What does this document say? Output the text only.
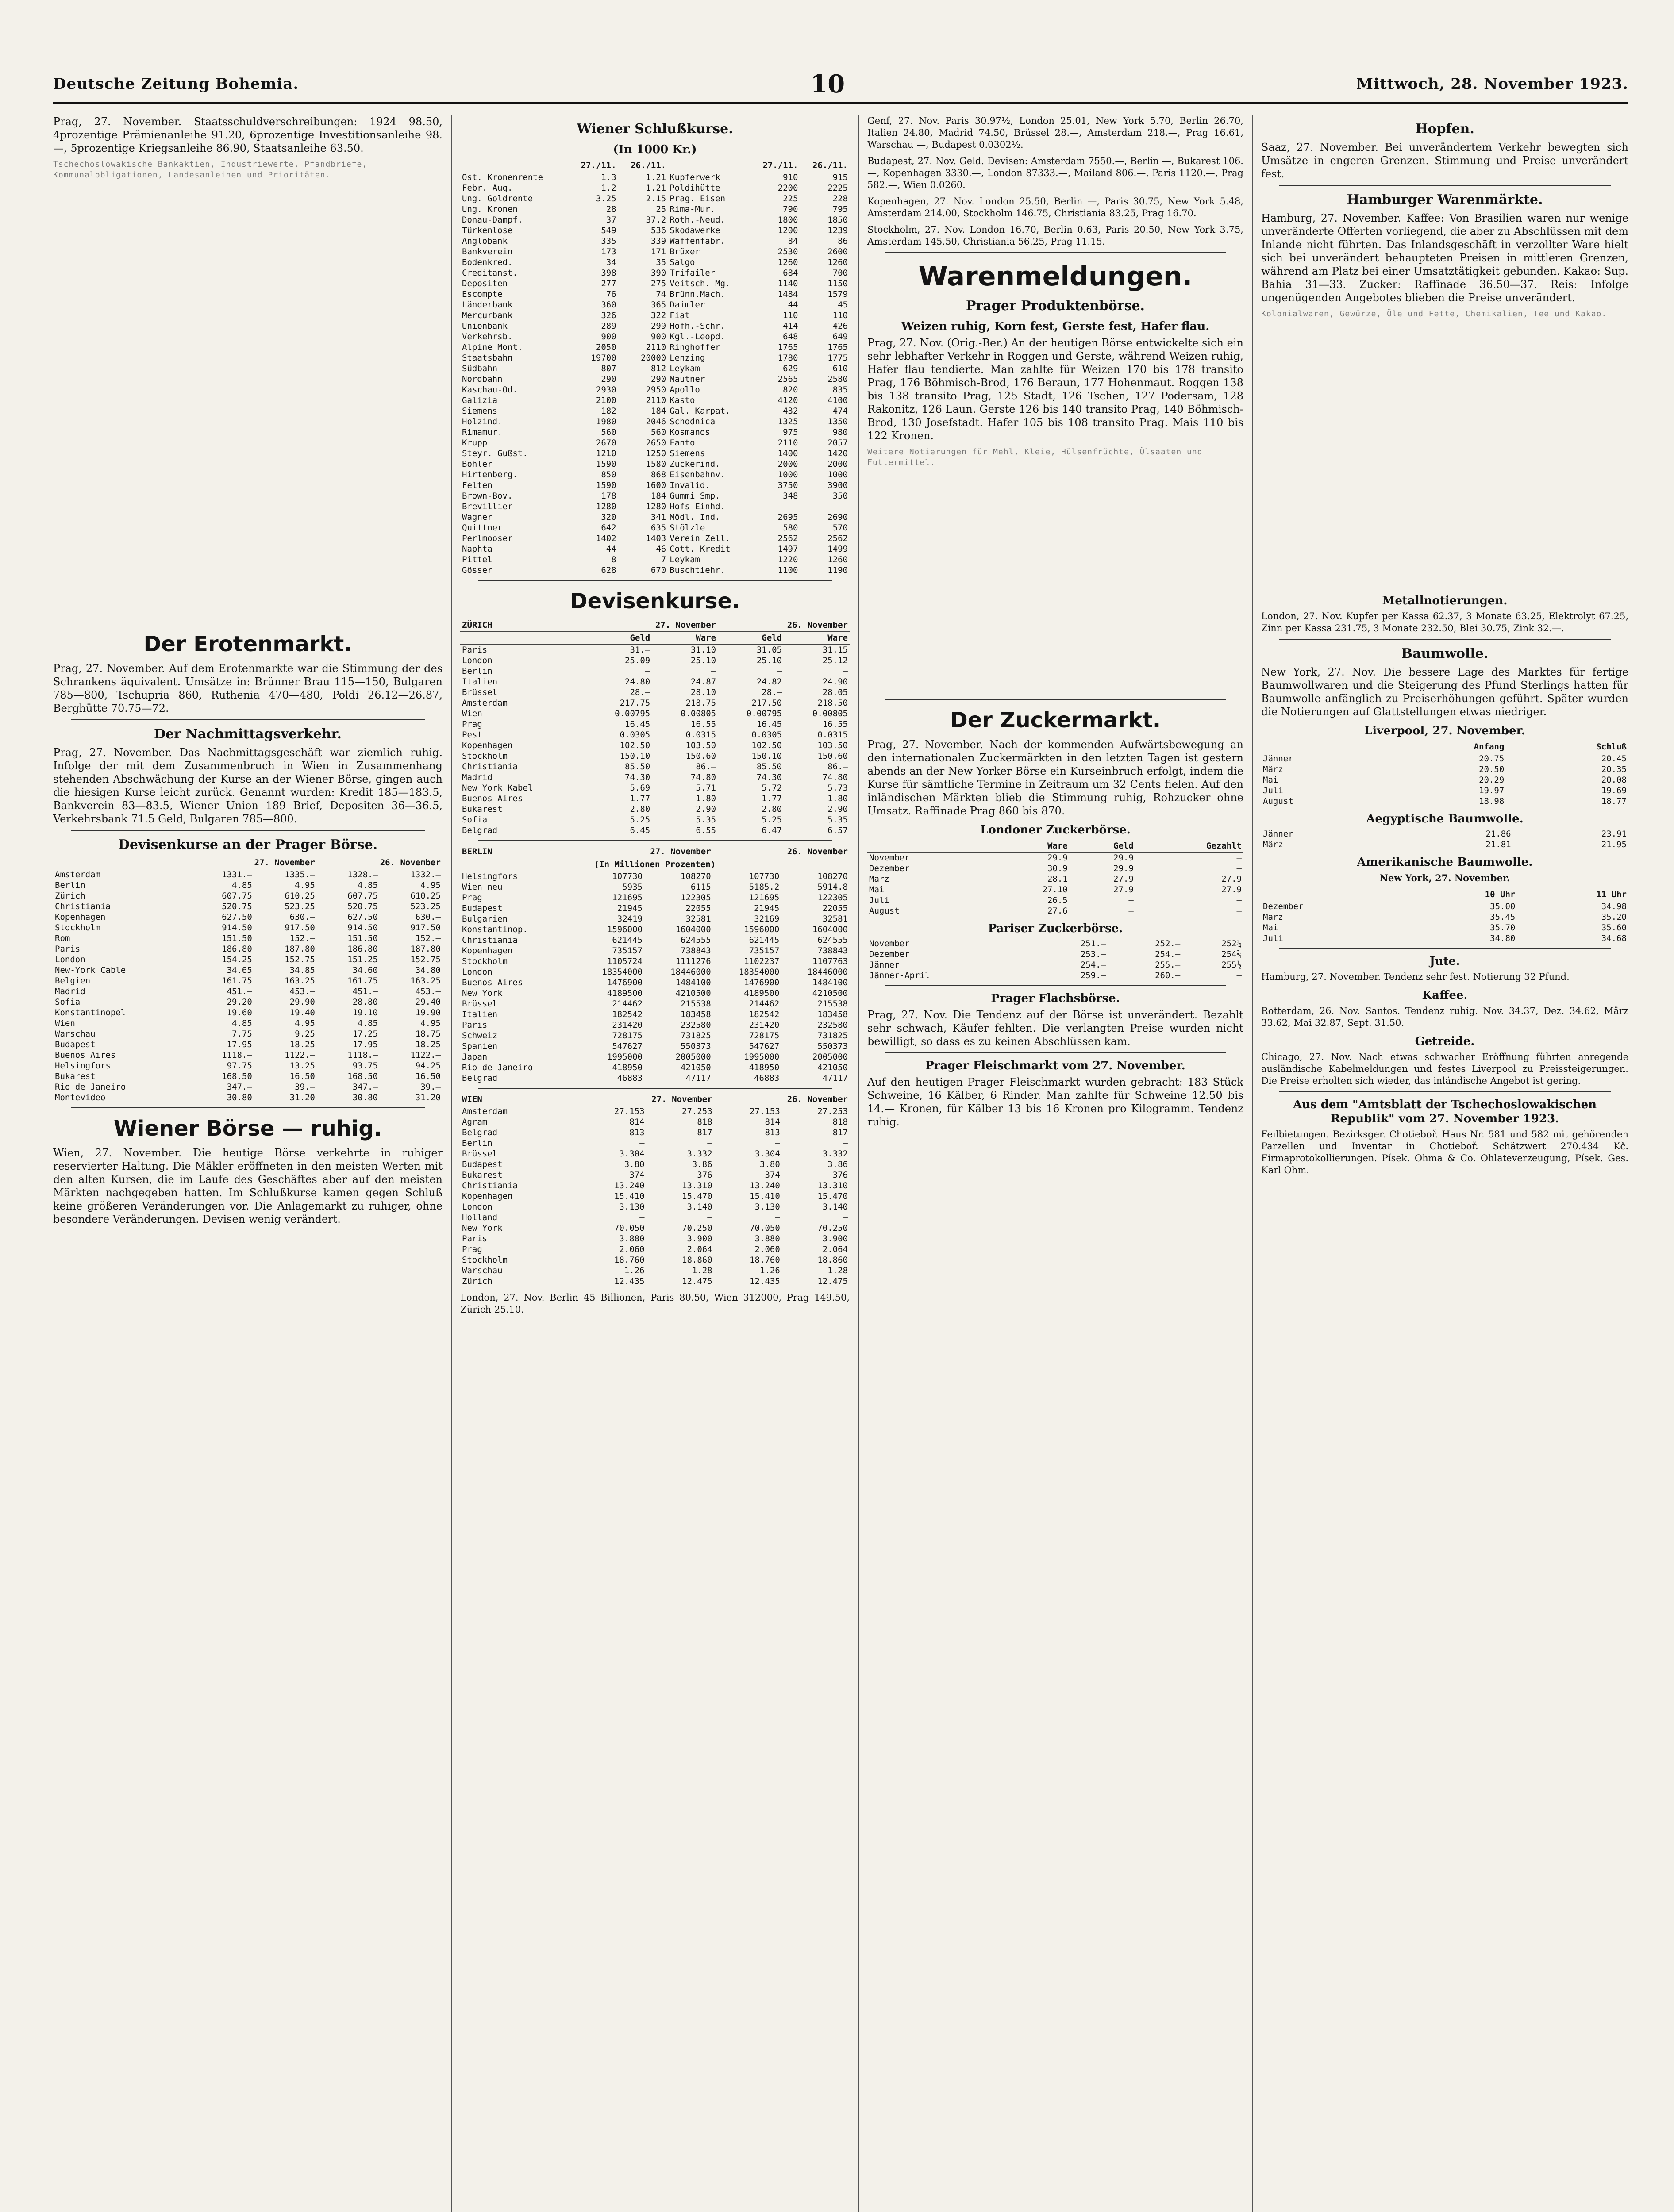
Deutsche Zeitung Bohemia.	10	Mittwoch, 28. November 1923.

Prag, 27. November. Staatsschuldverschreibungen: 1924 98.50, 4prozentige Prämienanleihe 91.20, 6prozentige Investitionsanleihe 98.—, 5prozentige Kriegsanleihe 86.90, Staatsanleihe 63.50.

Tschechoslowakische Bankaktien, Industriewerte, Pfandbriefe, Kommunalobligationen, Landesanleihen und Prioritäten.
Der Erotenmarkt.

Prag, 27. November. Auf dem Erotenmarkte war die Stimmung der des Schrankens äquivalent. Umsätze in: Brünner Brau 115—150, Bulgaren 785—800, Tschupria 860, Ruthenia 470—480, Poldi 26.12—26.87, Berghütte 70.75—72.

Der Nachmittagsverkehr.

Prag, 27. November. Das Nachmittagsgeschäft war ziemlich ruhig. Infolge der mit dem Zusammenbruch in Wien in Zusammenhang stehenden Abschwächung der Kurse an der Wiener Börse, gingen auch die hiesigen Kurse leicht zurück. Genannt wurden: Kredit 185—183.5, Bankverein 83—83.5, Wiener Union 189 Brief, Depositen 36—36.5, Verkehrsbank 71.5 Geld, Bulgaren 785—800.

Devisenkurse an der Prager Börse.
	27. November		26. November	
Amsterdam	1331.—	1335.—	1328.—	1332.—
Berlin	4.85	4.95	4.85	4.95
Zürich	607.75	610.25	607.75	610.25
Christiania	520.75	523.25	520.75	523.25
Kopenhagen	627.50	630.—	627.50	630.—
Stockholm	914.50	917.50	914.50	917.50
Rom	151.50	152.—	151.50	152.—
Paris	186.80	187.80	186.80	187.80
London	154.25	152.75	151.25	152.75
New-York Cable	34.65	34.85	34.60	34.80
Belgien	161.75	163.25	161.75	163.25
Madrid	451.—	453.—	451.—	453.—
Sofia	29.20	29.90	28.80	29.40
Konstantinopel	19.60	19.40	19.10	19.90
Wien	4.85	4.95	4.85	4.95
Warschau	7.75	9.25	17.25	18.75
Budapest	17.95	18.25	17.95	18.25
Buenos Aires	1118.—	1122.—	1118.—	1122.—
Helsingfors	97.75	13.25	93.75	94.25
Bukarest	168.50	16.50	168.50	16.50
Rio de Janeiro	347.—	39.—	347.—	39.—
Montevideo	30.80	31.20	30.80	31.20
Wiener Börse — ruhig.

Wien, 27. November. Die heutige Börse verkehrte in ruhiger reservierter Haltung. Die Mäkler eröffneten in den meisten Werten mit den alten Kursen, die im Laufe des Geschäftes aber auf den meisten Märkten nachgegeben hatten. Im Schlußkurse kamen gegen Schluß keine größeren Veränderungen vor. Die Anlagemarkt zu ruhiger, ohne besondere Veränderungen. Devisen wenig verändert.

Wiener Schlußkurse.
(In 1000 Kr.)
	27./11.	26./11.		27./11.	26./11.
Ost. Kronenrente	1.3	1.21	Kupferwerk	910	915
Febr. Aug.	1.2	1.21	Poldihütte	2200	2225
Ung. Goldrente	3.25	2.15	Prag. Eisen	225	228
Ung. Kronen	28	25	Rima-Mur.	790	795
Donau-Dampf.	37	37.2	Roth.-Neud.	1800	1850
Türkenlose	549	536	Skodawerke	1200	1239
Anglobank	335	339	Waffenfabr.	84	86
Bankverein	173	171	Brüxer	2530	2600
Bodenkred.	34	35	Salgo	1260	1260
Creditanst.	398	390	Trifailer	684	700
Depositen	277	275	Veitsch. Mg.	1140	1150
Escompte	76	74	Brünn.Mach.	1484	1579
Länderbank	360	365	Daimler	44	45
Mercurbank	326	322	Fiat	110	110
Unionbank	289	299	Hofh.-Schr.	414	426
Verkehrsb.	900	900	Kgl.-Leopd.	648	649
Alpine Mont.	2050	2110	Ringhoffer	1765	1765
Staatsbahn	19700	20000	Lenzing	1780	1775
Südbahn	807	812	Leykam	629	610
Nordbahn	290	290	Mautner	2565	2580
Kaschau-Od.	2930	2950	Apollo	820	835
Galizia	2100	2110	Kasto	4120	4100
Siemens	182	184	Gal. Karpat.	432	474
Holzind.	1980	2046	Schodnica	1325	1350
Rimamur.	560	560	Kosmanos	975	980
Krupp	2670	2650	Fanto	2110	2057
Steyr. Gußst.	1210	1250	Siemens	1400	1420
Böhler	1590	1580	Zuckerind.	2000	2000
Hirtenberg.	850	868	Eisenbahnv.	1000	1000
Felten	1590	1600	Invalid.	3750	3900
Brown-Bov.	178	184	Gummi Smp.	348	350
Brevillier	1280	1280	Hofs Einhd.	—	—
Wagner	320	341	Mödl. Ind.	2695	2690
Quittner	642	635	Stölzle	580	570
Perlmooser	1402	1403	Verein Zell.	2562	2562
Naphta	44	46	Cott. Kredit	1497	1499
Pittel	8	7	Leykam	1220	1260
Gösser	628	670	Buschtiehr.	1100	1190
Devisenkurse.
ZÜRICH	27. November		26. November	
	Geld	Ware	Geld	Ware
Paris	31.—	31.10	31.05	31.15
London	25.09	25.10	25.10	25.12
Berlin	—	—	—	—
Italien	24.80	24.87	24.82	24.90
Brüssel	28.—	28.10	28.—	28.05
Amsterdam	217.75	218.75	217.50	218.50
Wien	0.00795	0.00805	0.00795	0.00805
Prag	16.45	16.55	16.45	16.55
Pest	0.0305	0.0315	0.0305	0.0315
Kopenhagen	102.50	103.50	102.50	103.50
Stockholm	150.10	150.60	150.10	150.60
Christiania	85.50	86.—	85.50	86.—
Madrid	74.30	74.80	74.30	74.80
New York Kabel	5.69	5.71	5.72	5.73
Buenos Aires	1.77	1.80	1.77	1.80
Bukarest	2.80	2.90	2.80	2.90
Sofia	5.25	5.35	5.25	5.35
Belgrad	6.45	6.55	6.47	6.57
BERLIN	27. November		26. November	
(In Millionen Prozenten)				
Helsingfors	107730	108270	107730	108270
Wien neu	5935	6115	5185.2	5914.8
Prag	121695	122305	121695	122305
Budapest	21945	22055	21945	22055
Bulgarien	32419	32581	32169	32581
Konstantinop.	1596000	1604000	1596000	1604000
Christiania	621445	624555	621445	624555
Kopenhagen	735157	738843	735157	738843
Stockholm	1105724	1111276	1102237	1107763
London	18354000	18446000	18354000	18446000
Buenos Aires	1476900	1484100	1476900	1484100
New York	4189500	4210500	4189500	4210500
Brüssel	214462	215538	214462	215538
Italien	182542	183458	182542	183458
Paris	231420	232580	231420	232580
Schweiz	728175	731825	728175	731825
Spanien	547627	550373	547627	550373
Japan	1995000	2005000	1995000	2005000
Rio de Janeiro	418950	421050	418950	421050
Belgrad	46883	47117	46883	47117
WIEN	27. November		26. November	
Amsterdam	27.153	27.253	27.153	27.253
Agram	814	818	814	818
Belgrad	813	817	813	817
Berlin	—	—	—	—
Brüssel	3.304	3.332	3.304	3.332
Budapest	3.80	3.86	3.80	3.86
Bukarest	374	376	374	376
Christiania	13.240	13.310	13.240	13.310
Kopenhagen	15.410	15.470	15.410	15.470
London	3.130	3.140	3.130	3.140
Holland	—	—	—	—
New York	70.050	70.250	70.050	70.250
Paris	3.880	3.900	3.880	3.900
Prag	2.060	2.064	2.060	2.064
Stockholm	18.760	18.860	18.760	18.860
Warschau	1.26	1.28	1.26	1.28
Zürich	12.435	12.475	12.435	12.475

London, 27. Nov. Berlin 45 Billionen, Paris 80.50, Wien 312000, Prag 149.50, Zürich 25.10.

Genf, 27. Nov. Paris 30.97½, London 25.01, New York 5.70, Berlin 26.70, Italien 24.80, Madrid 74.50, Brüssel 28.—, Amsterdam 218.—, Prag 16.61, Warschau —, Budapest 0.0302½.

Budapest, 27. Nov. Geld. Devisen: Amsterdam 7550.—, Berlin —, Bukarest 106.—, Kopenhagen 3330.—, London 87333.—, Mailand 806.—, Paris 1120.—, Prag 582.—, Wien 0.0260.

Kopenhagen, 27. Nov. London 25.50, Berlin —, Paris 30.75, New York 5.48, Amsterdam 214.00, Stockholm 146.75, Christiania 83.25, Prag 16.70.

Stockholm, 27. Nov. London 16.70, Berlin 0.63, Paris 20.50, New York 3.75, Amsterdam 145.50, Christiania 56.25, Prag 11.15.

Warenmeldungen.
Prager Produktenbörse.
Weizen ruhig, Korn fest, Gerste fest, Hafer flau.

Prag, 27. Nov. (Orig.-Ber.) An der heutigen Börse entwickelte sich ein sehr lebhafter Verkehr in Roggen und Gerste, während Weizen ruhig, Hafer flau tendierte. Man zahlte für Weizen 170 bis 178 transito Prag, 176 Böhmisch-Brod, 176 Beraun, 177 Hohenmaut. Roggen 138 bis 138 transito Prag, 125 Stadt, 126 Tschen, 127 Podersam, 128 Rakonitz, 126 Laun. Gerste 126 bis 140 transito Prag, 140 Böhmisch-Brod, 130 Josefstadt. Hafer 105 bis 108 transito Prag. Mais 110 bis 122 Kronen.

Weitere Notierungen für Mehl, Kleie, Hülsenfrüchte, Ölsaaten und Futtermittel.
Der Zuckermarkt.

Prag, 27. November. Nach der kommenden Aufwärtsbewegung an den internationalen Zuckermärkten in den letzten Tagen ist gestern abends an der New Yorker Börse ein Kurseinbruch erfolgt, indem die Kurse für sämtliche Termine in Zeitraum um 32 Cents fielen. Auf den inländischen Märkten blieb die Stimmung ruhig, Rohzucker ohne Umsatz. Raffinade Prag 860 bis 870.

Londoner Zuckerbörse.
	Ware	Geld	Gezahlt
November	29.9	29.9	—
Dezember	30.9	29.9	—
März	28.1	27.9	27.9
Mai	27.10	27.9	27.9
Juli	26.5	—	—
August	27.6	—	—
Pariser Zuckerbörse.
November	251.—	252.—	252¾
Dezember	253.—	254.—	254¾
Jänner	254.—	255.—	255½
Jänner-April	259.—	260.—	—
Prager Flachsbörse.

Prag, 27. Nov. Die Tendenz auf der Börse ist unverändert. Bezahlt sehr schwach, Käufer fehlten. Die verlangten Preise wurden nicht bewilligt, so dass es zu keinen Abschlüssen kam.

Prager Fleischmarkt vom 27. November.

Auf den heutigen Prager Fleischmarkt wurden gebracht: 183 Stück Schweine, 16 Kälber, 6 Rinder. Man zahlte für Schweine 12.50 bis 14.— Kronen, für Kälber 13 bis 16 Kronen pro Kilogramm. Tendenz ruhig.

Hopfen.

Saaz, 27. November. Bei unverändertem Verkehr bewegten sich Umsätze in engeren Grenzen. Stimmung und Preise unverändert fest.

Hamburger Warenmärkte.

Hamburg, 27. November. Kaffee: Von Brasilien waren nur wenige unveränderte Offerten vorliegend, die aber zu Abschlüssen mit dem Inlande nicht führten. Das Inlandsgeschäft in verzollter Ware hielt sich bei unverändert behaupteten Preisen in mittleren Grenzen, während am Platz bei einer Umsatztätigkeit gebunden. Kakao: Sup. Bahia 31—33. Zucker: Raffinade 36.50—37. Reis: Infolge ungenügenden Angebotes blieben die Preise unverändert.

Kolonialwaren, Gewürze, Öle und Fette, Chemikalien, Tee und Kakao.
Metallnotierungen.

London, 27. Nov. Kupfer per Kassa 62.37, 3 Monate 63.25, Elektrolyt 67.25, Zinn per Kassa 231.75, 3 Monate 232.50, Blei 30.75, Zink 32.—.

Baumwolle.

New York, 27. Nov. Die bessere Lage des Marktes für fertige Baumwollwaren und die Steigerung des Pfund Sterlings hatten für Baumwolle anfänglich zu Preiserhöhungen geführt. Später wurden die Notierungen auf Glattstellungen etwas niedriger.

Liverpool, 27. November.
	Anfang	Schluß
Jänner	20.75	20.45
März	20.50	20.35
Mai	20.29	20.08
Juli	19.97	19.69
August	18.98	18.77
Aegyptische Baumwolle.
Jänner	21.86	23.91
März	21.81	21.95
Amerikanische Baumwolle.

New York, 27. November.

	10 Uhr	11 Uhr
Dezember	35.00	34.98
März	35.45	35.20
Mai	35.70	35.60
Juli	34.80	34.68
Jute.

Hamburg, 27. November. Tendenz sehr fest. Notierung 32 Pfund.

Kaffee.

Rotterdam, 26. Nov. Santos. Tendenz ruhig. Nov. 34.37, Dez. 34.62, März 33.62, Mai 32.87, Sept. 31.50.

Getreide.

Chicago, 27. Nov. Nach etwas schwacher Eröffnung führten anregende ausländische Kabelmeldungen und festes Liverpool zu Preissteigerungen. Die Preise erholten sich wieder, das inländische Angebot ist gering.

Aus dem "Amtsblatt der Tschechoslowakischen Republik" vom 27. November 1923.

Feilbietungen. Bezirksger. Chotieboř. Haus Nr. 581 und 582 mit gehörenden Parzellen und Inventar in Chotieboř. Schätzwert 270.434 Kč. Firmaprotokollierungen. Písek. Ohma & Co. Ohlateverzeugung, Písek. Ges. Karl Ohm.
